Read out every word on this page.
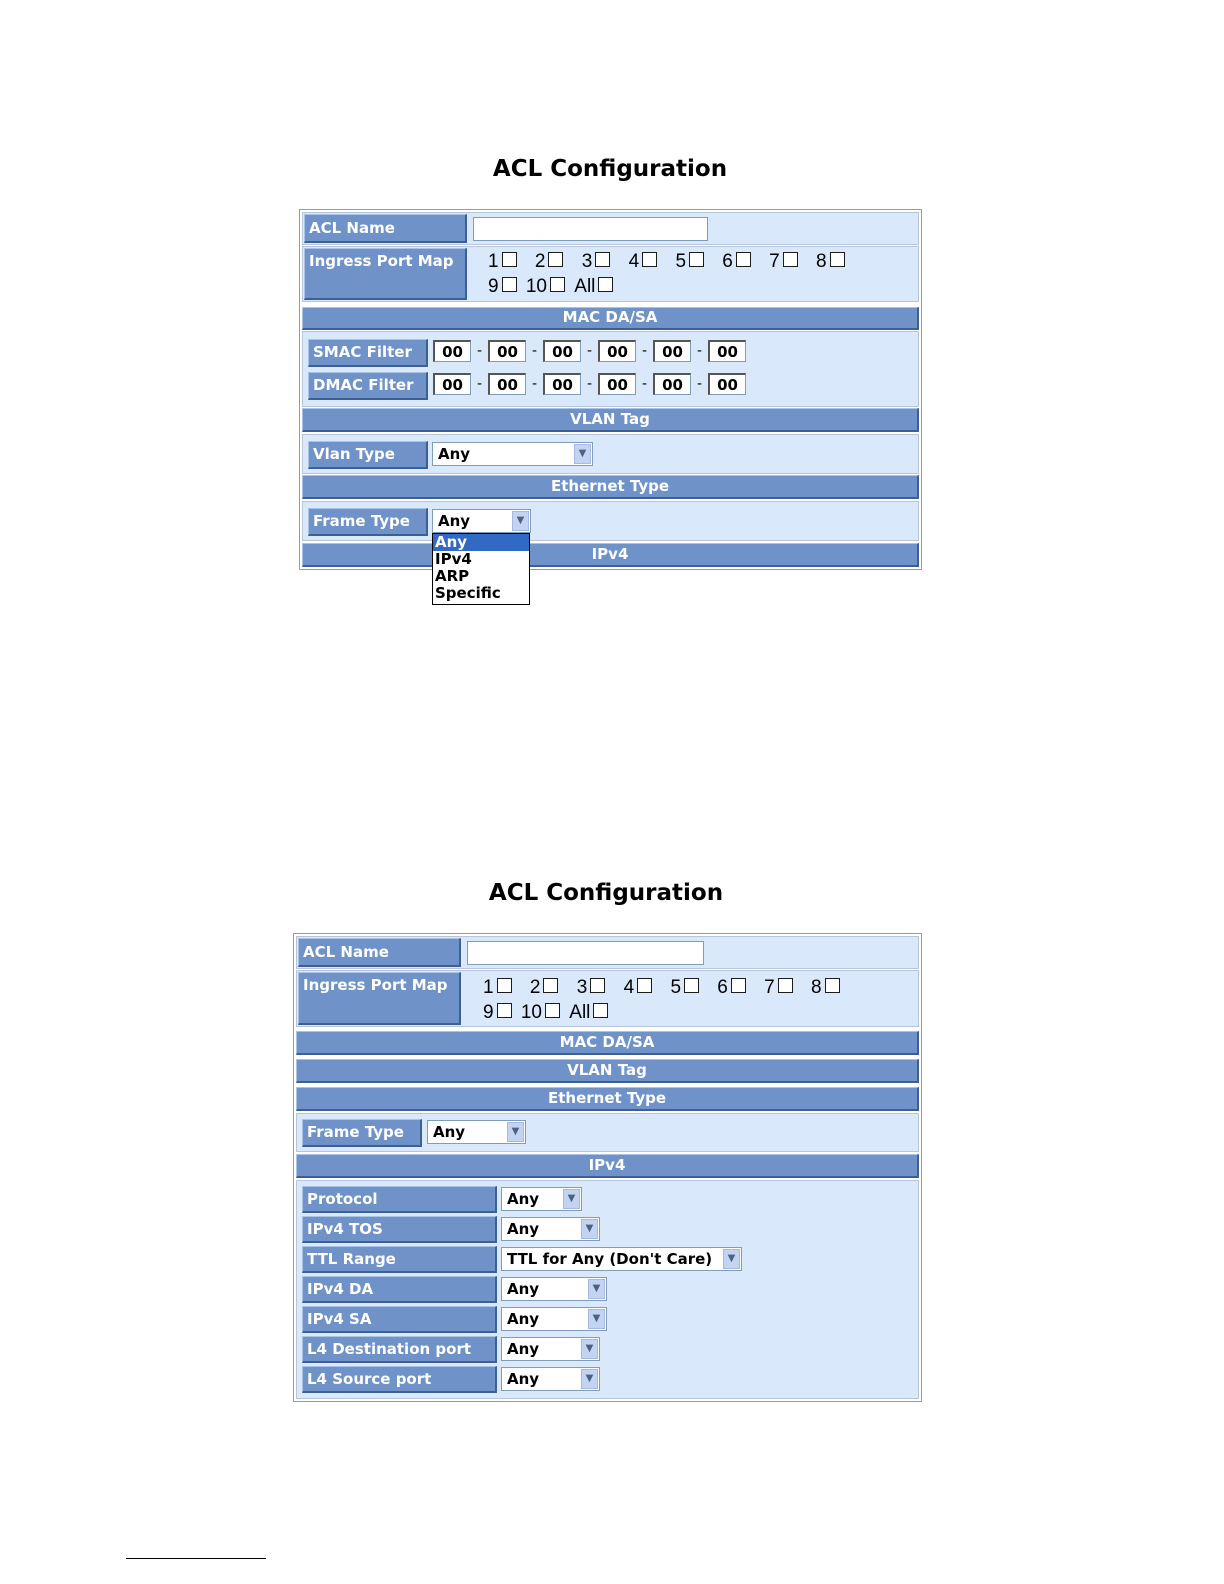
ACL Configuration
ACL Name
Ingress Port Map	1 2 3 4 5 6 7 8
9 10 All
MAC DA/SA
SMAC Filter	00 - 00 - 00 - 00 - 00 - 00
DMAC Filter	00 - 00 - 00 - 00 - 00 - 00
VLAN Tag
Vlan Type	Any	▼
Ethernet Type
Frame Type	Any	▼
IPv4
Any
IPv4
ARP
Specific
ACL Configuration
ACL Name
Ingress Port Map	1 2 3 4 5 6 7 8
9 10 All
MAC DA/SA
VLAN Tag
Ethernet Type
Frame Type	Any	▼
IPv4
Protocol	Any	▼
IPv4 TOS	Any	▼
TTL Range	TTL for Any (Don't Care)	▼
IPv4 DA	Any	▼
IPv4 SA	Any	▼
L4 Destination port	Any	▼
L4 Source port	Any	▼
